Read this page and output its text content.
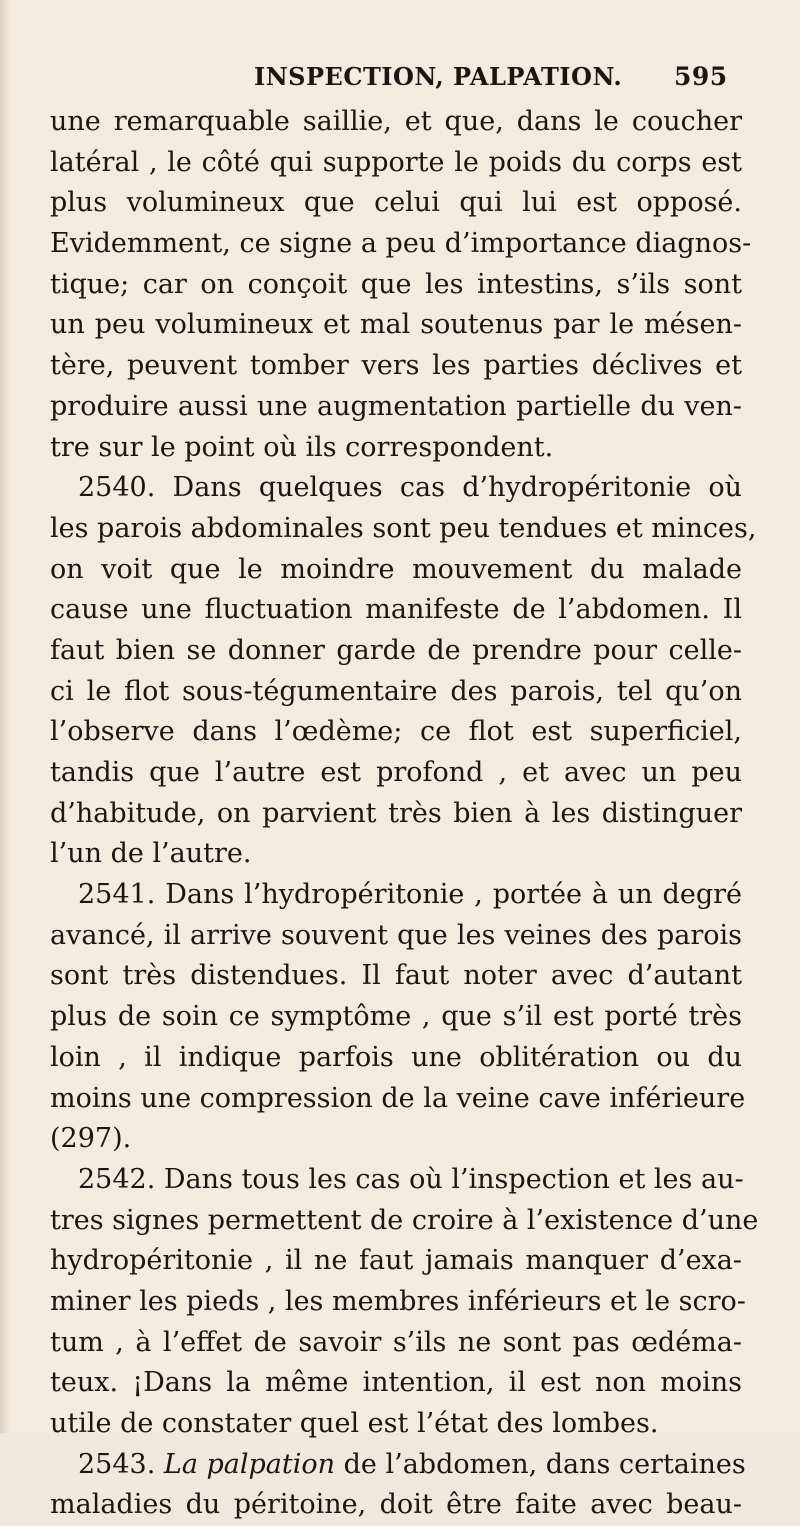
INSPECTION, PALPATION. 595
une remarquable saillie, et que, dans le coucher
latéral , le côté qui supporte le poids du corps est
plus volumineux que celui qui lui est opposé.
Evidemment, ce signe a peu d’importance diagnos-
tique; car on conçoit que les intestins, s’ils sont
un peu volumineux et mal soutenus par le mésen-
tère, peuvent tomber vers les parties déclives et
produire aussi une augmentation partielle du ven-
tre sur le point où ils correspondent.
2540. Dans quelques cas d’hydropéritonie où
les parois abdominales sont peu tendues et minces,
on voit que le moindre mouvement du malade
cause une fluctuation manifeste de l’abdomen. Il
faut bien se donner garde de prendre pour celle-
ci le flot sous-tégumentaire des parois, tel qu’on
l’observe dans l’œdème; ce flot est superficiel,
tandis que l’autre est profond , et avec un peu
d’habitude, on parvient très bien à les distinguer
l’un de l’autre.
2541. Dans l’hydropéritonie , portée à un degré
avancé, il arrive souvent que les veines des parois
sont très distendues. Il faut noter avec d’autant
plus de soin ce symptôme , que s’il est porté très
loin , il indique parfois une oblitération ou du
moins une compression de la veine cave inférieure
(297).
2542. Dans tous les cas où l’inspection et les au-
tres signes permettent de croire à l’existence d’une
hydropéritonie , il ne faut jamais manquer d’exa-
miner les pieds , les membres inférieurs et le scro-
tum , à l’effet de savoir s’ils ne sont pas œdéma-
teux. ¡Dans la même intention, il est non moins
utile de constater quel est l’état des lombes.
2543. La palpation de l’abdomen, dans certaines
maladies du péritoine, doit être faite avec beau-
